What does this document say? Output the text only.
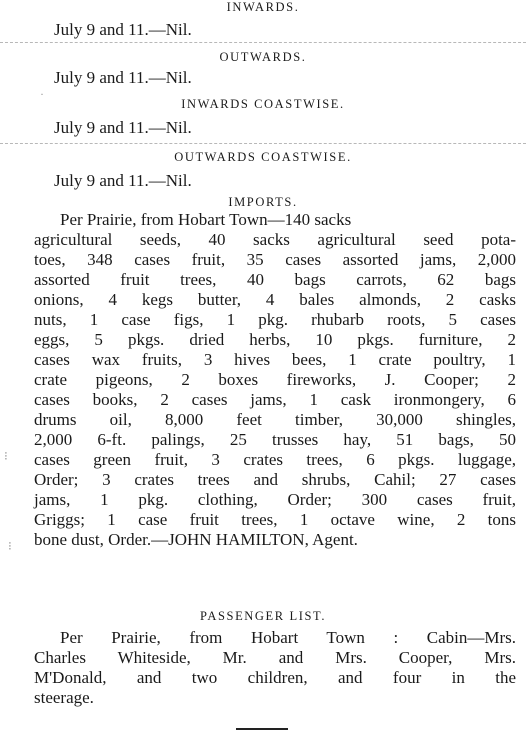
INWARDS.
July 9 and 11.—Nil.
OUTWARDS.
July 9 and 11.—Nil.
INWARDS COASTWISE.
July 9 and 11.—Nil.
OUTWARDS COASTWISE.
July 9 and 11.—Nil.
IMPORTS.
Per Prairie, from Hobart Town—140 sacks
agricultural seeds, 40 sacks agricultural seed pota-
toes, 348 cases fruit, 35 cases assorted jams, 2,000
assorted fruit trees, 40 bags carrots, 62 bags
onions, 4 kegs butter, 4 bales almonds, 2 casks
nuts, 1 case figs, 1 pkg. rhubarb roots, 5 cases
eggs, 5 pkgs. dried herbs, 10 pkgs. furniture, 2
cases wax fruits, 3 hives bees, 1 crate poultry, 1
crate pigeons, 2 boxes fireworks, J. Cooper; 2
cases books, 2 cases jams, 1 cask ironmongery, 6
drums oil, 8,000 feet timber, 30,000 shingles,
2,000 6-ft. palings, 25 trusses hay, 51 bags, 50
cases green fruit, 3 crates trees, 6 pkgs. luggage,
Order; 3 crates trees and shrubs, Cahil; 27 cases
jams, 1 pkg. clothing, Order; 300 cases fruit,
Griggs; 1 case fruit trees, 1 octave wine, 2 tons
bone dust, Order.—JOHN HAMILTON, Agent.
PASSENGER LIST.
Per Prairie, from Hobart Town : Cabin—Mrs.
Charles Whiteside, Mr. and Mrs. Cooper, Mrs.
M'Donald, and two children, and four in the
steerage.
⁝
⁝
·
